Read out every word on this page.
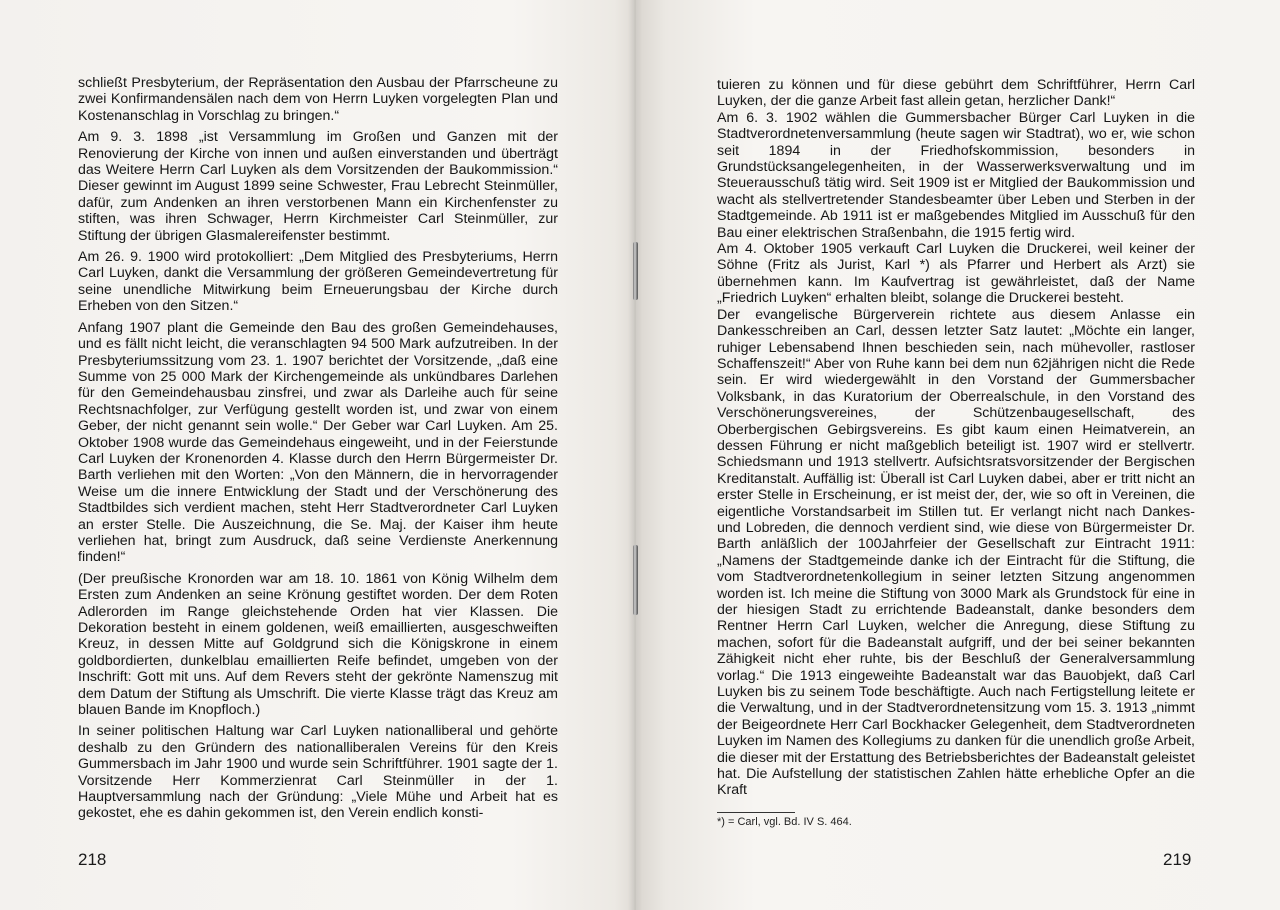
schließt Presbyterium, der Repräsentation den Ausbau der Pfarrscheune zu zwei Konfirmandensälen nach dem von Herrn Luyken vorgelegten Plan und Kostenanschlag in Vorschlag zu bringen.“

Am 9. 3. 1898 „ist Versammlung im Großen und Ganzen mit der Renovierung der Kirche von innen und außen einverstanden und überträgt das Weitere Herrn Carl Luyken als dem Vorsitzenden der Baukommission.“ Dieser gewinnt im August 1899 seine Schwester, Frau Lebrecht Steinmüller, dafür, zum Andenken an ihren verstorbenen Mann ein Kirchenfenster zu stiften, was ihren Schwager, Herrn Kirchmeister Carl Steinmüller, zur Stiftung der übrigen Glasmalereifenster bestimmt.

Am 26. 9. 1900 wird protokolliert: „Dem Mitglied des Presbyteriums, Herrn Carl Luyken, dankt die Versammlung der größeren Gemeindevertretung für seine unendliche Mitwirkung beim Erneuerungsbau der Kirche durch Erheben von den Sitzen.“

Anfang 1907 plant die Gemeinde den Bau des großen Gemeindehauses, und es fällt nicht leicht, die veranschlagten 94 500 Mark aufzutreiben. In der Presbyteriumssitzung vom 23. 1. 1907 berichtet der Vorsitzende, „daß eine Summe von 25 000 Mark der Kirchengemeinde als unkündbares Darlehen für den Gemeindehausbau zinsfrei, und zwar als Darleihe auch für seine Rechtsnachfolger, zur Verfügung gestellt worden ist, und zwar von einem Geber, der nicht genannt sein wolle.“ Der Geber war Carl Luyken. Am 25. Oktober 1908 wurde das Gemeindehaus eingeweiht, und in der Feierstunde Carl Luyken der Kronenorden 4. Klasse durch den Herrn Bürgermeister Dr. Barth verliehen mit den Worten: „Von den Männern, die in hervorragender Weise um die innere Entwicklung der Stadt und der Verschönerung des Stadtbildes sich verdient machen, steht Herr Stadtverordneter Carl Luyken an erster Stelle. Die Auszeichnung, die Se. Maj. der Kaiser ihm heute verliehen hat, bringt zum Ausdruck, daß seine Verdienste Anerkennung finden!“

(Der preußische Kronorden war am 18. 10. 1861 von König Wilhelm dem Ersten zum Andenken an seine Krönung gestiftet worden. Der dem Roten Adlerorden im Range gleichstehende Orden hat vier Klassen. Die Dekoration besteht in einem goldenen, weiß emaillierten, ausgeschweiften Kreuz, in dessen Mitte auf Goldgrund sich die Königskrone in einem goldbordierten, dunkelblau emaillierten Reife befindet, umgeben von der Inschrift: Gott mit uns. Auf dem Revers steht der gekrönte Namenszug mit dem Datum der Stiftung als Umschrift. Die vierte Klasse trägt das Kreuz am blauen Bande im Knopfloch.)

In seiner politischen Haltung war Carl Luyken nationalliberal und gehörte deshalb zu den Gründern des nationalliberalen Vereins für den Kreis Gummersbach im Jahr 1900 und wurde sein Schriftführer. 1901 sagte der 1. Vorsitzende Herr Kommerzienrat Carl Steinmüller in der 1. Hauptversammlung nach der Gründung: „Viele Mühe und Arbeit hat es gekostet, ehe es dahin gekommen ist, den Verein endlich konsti-

218

tuieren zu können und für diese gebührt dem Schriftführer, Herrn Carl Luyken, der die ganze Arbeit fast allein getan, herzlicher Dank!“

Am 6. 3. 1902 wählen die Gummersbacher Bürger Carl Luyken in die Stadtverordnetenversammlung (heute sagen wir Stadtrat), wo er, wie schon seit 1894 in der Friedhofskommission, besonders in Grundstücksangelegenheiten, in der Wasserwerksverwaltung und im Steuerausschuß tätig wird. Seit 1909 ist er Mitglied der Baukommission und wacht als stellvertretender Standesbeamter über Leben und Sterben in der Stadtgemeinde. Ab 1911 ist er maßgebendes Mitglied im Ausschuß für den Bau einer elektrischen Straßenbahn, die 1915 fertig wird.

Am 4. Oktober 1905 verkauft Carl Luyken die Druckerei, weil keiner der Söhne (Fritz als Jurist, Karl *) als Pfarrer und Herbert als Arzt) sie übernehmen kann. Im Kaufvertrag ist gewährleistet, daß der Name „Friedrich Luyken“ erhalten bleibt, solange die Druckerei besteht.

Der evangelische Bürgerverein richtete aus diesem Anlasse ein Dankesschreiben an Carl, dessen letzter Satz lautet: „Möchte ein langer, ruhiger Lebensabend Ihnen beschieden sein, nach mühevoller, rastloser Schaffenszeit!“ Aber von Ruhe kann bei dem nun 62jährigen nicht die Rede sein. Er wird wiedergewählt in den Vorstand der Gummersbacher Volksbank, in das Kuratorium der Oberrealschule, in den Vorstand des Verschönerungsvereines, der Schützenbaugesellschaft, des Oberbergischen Gebirgsvereins. Es gibt kaum einen Heimatverein, an dessen Führung er nicht maßgeblich beteiligt ist. 1907 wird er stellvertr. Schiedsmann und 1913 stellvertr. Aufsichtsratsvorsitzender der Bergischen Kreditanstalt. Auffällig ist: Überall ist Carl Luyken dabei, aber er tritt nicht an erster Stelle in Erscheinung, er ist meist der, der, wie so oft in Vereinen, die eigentliche Vorstandsarbeit im Stillen tut. Er verlangt nicht nach Dankes- und Lobreden, die dennoch verdient sind, wie diese von Bürgermeister Dr. Barth anläßlich der 100Jahrfeier der Gesellschaft zur Eintracht 1911: „Namens der Stadtgemeinde danke ich der Eintracht für die Stiftung, die vom Stadtverordnetenkollegium in seiner letzten Sitzung angenommen worden ist. Ich meine die Stiftung von 3000 Mark als Grundstock für eine in der hiesigen Stadt zu errichtende Badeanstalt, danke besonders dem Rentner Herrn Carl Luyken, welcher die Anregung, diese Stiftung zu machen, sofort für die Badeanstalt aufgriff, und der bei seiner bekannten Zähigkeit nicht eher ruhte, bis der Beschluß der Generalversammlung vorlag.“ Die 1913 eingeweihte Badeanstalt war das Bauobjekt, daß Carl Luyken bis zu seinem Tode beschäftigte. Auch nach Fertigstellung leitete er die Verwaltung, und in der Stadtverordnetensitzung vom 15. 3. 1913 „nimmt der Beigeordnete Herr Carl Bockhacker Gelegenheit, dem Stadtverordneten Luyken im Namen des Kollegiums zu danken für die unendlich große Arbeit, die dieser mit der Erstattung des Betriebsberichtes der Badeanstalt geleistet hat. Die Aufstellung der statistischen Zahlen hätte erhebliche Opfer an die Kraft

*) = Carl, vgl. Bd. IV S. 464.
219
